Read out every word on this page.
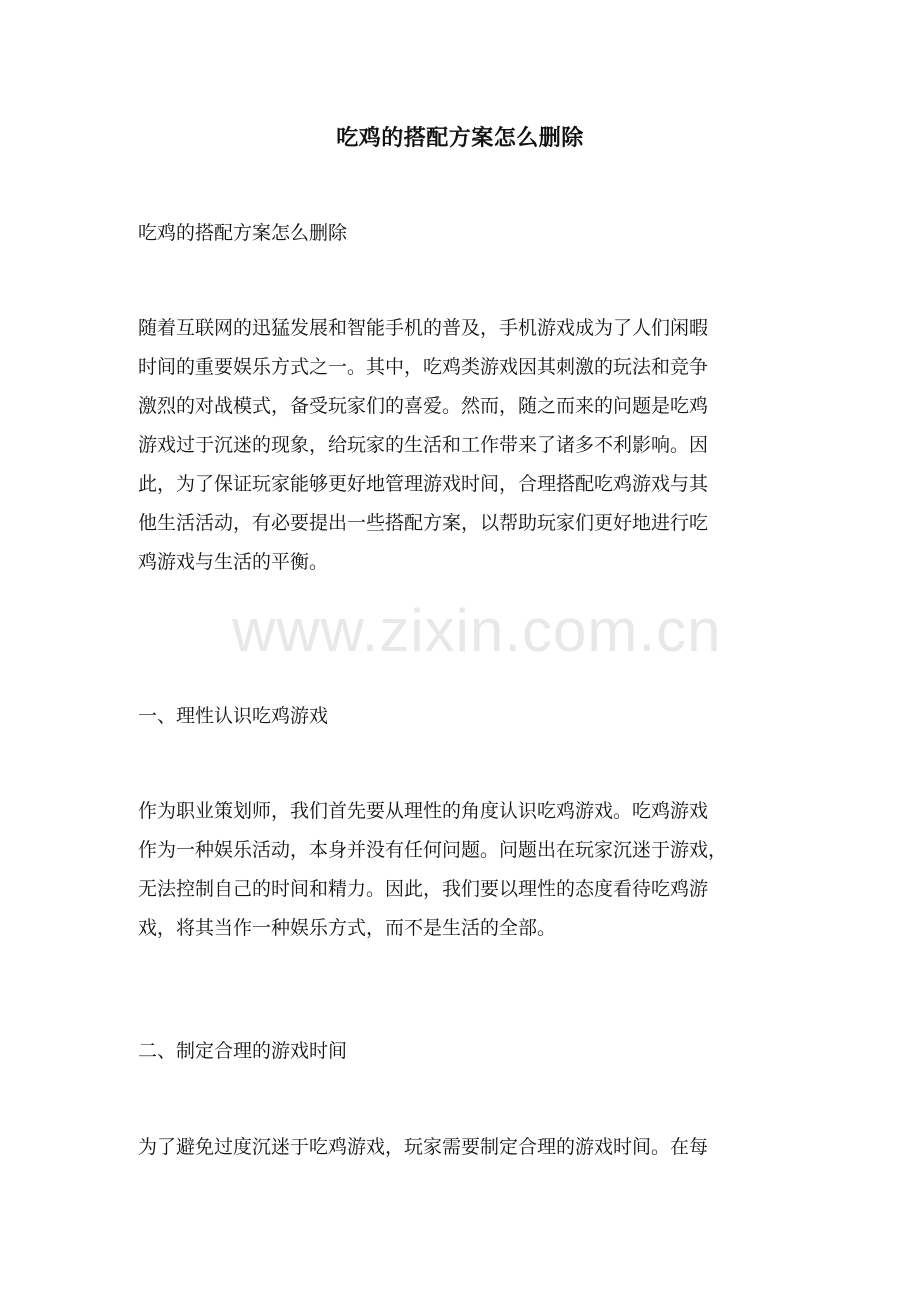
吃鸡的搭配方案怎么删除
吃鸡的搭配方案怎么删除
随着互联网的迅猛发展和智能手机的普及，手机游戏成为了人们闲暇
时间的重要娱乐方式之一。其中，吃鸡类游戏因其刺激的玩法和竞争
激烈的对战模式，备受玩家们的喜爱。然而，随之而来的问题是吃鸡
游戏过于沉迷的现象，给玩家的生活和工作带来了诸多不利影响。因
此，为了保证玩家能够更好地管理游戏时间，合理搭配吃鸡游戏与其
他生活活动，有必要提出一些搭配方案，以帮助玩家们更好地进行吃
鸡游戏与生活的平衡。
一、理性认识吃鸡游戏
作为职业策划师，我们首先要从理性的角度认识吃鸡游戏。吃鸡游戏
作为一种娱乐活动，本身并没有任何问题。问题出在玩家沉迷于游戏，
无法控制自己的时间和精力。因此，我们要以理性的态度看待吃鸡游
戏，将其当作一种娱乐方式，而不是生活的全部。
二、制定合理的游戏时间
为了避免过度沉迷于吃鸡游戏，玩家需要制定合理的游戏时间。在每
www.zixin.com.cn
